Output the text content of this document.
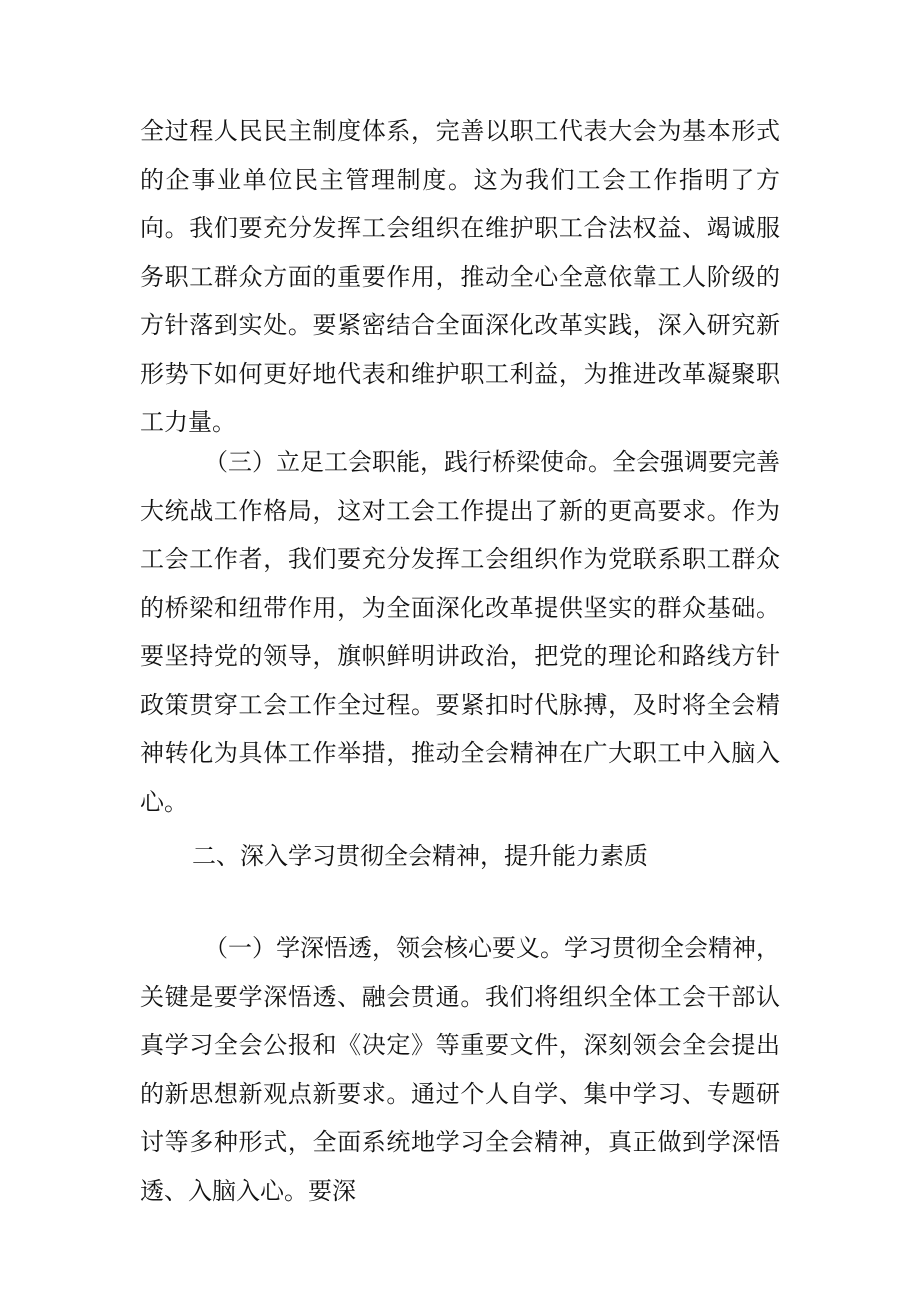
全过程人民民主制度体系，完善以职工代表大会为基本形式的企事业单位民主管理制度。这为我们工会工作指明了方向。我们要充分发挥工会组织在维护职工合法权益、竭诚服务职工群众方面的重要作用，推动全心全意依靠工人阶级的方针落到实处。要紧密结合全面深化改革实践，深入研究新形势下如何更好地代表和维护职工利益，为推进改革凝聚职工力量。

（三）立足工会职能，践行桥梁使命。全会强调要完善大统战工作格局，这对工会工作提出了新的更高要求。作为工会工作者，我们要充分发挥工会组织作为党联系职工群众的桥梁和纽带作用，为全面深化改革提供坚实的群众基础。要坚持党的领导，旗帜鲜明讲政治，把党的理论和路线方针政策贯穿工会工作全过程。要紧扣时代脉搏，及时将全会精神转化为具体工作举措，推动全会精神在广大职工中入脑入心。

二、深入学习贯彻全会精神，提升能力素质

（一）学深悟透，领会核心要义。学习贯彻全会精神，关键是要学深悟透、融会贯通。我们将组织全体工会干部认真学习全会公报和《决定》等重要文件，深刻领会全会提出的新思想新观点新要求。通过个人自学、集中学习、专题研讨等多种形式，全面系统地学习全会精神，真正做到学深悟透、入脑入心。要深
